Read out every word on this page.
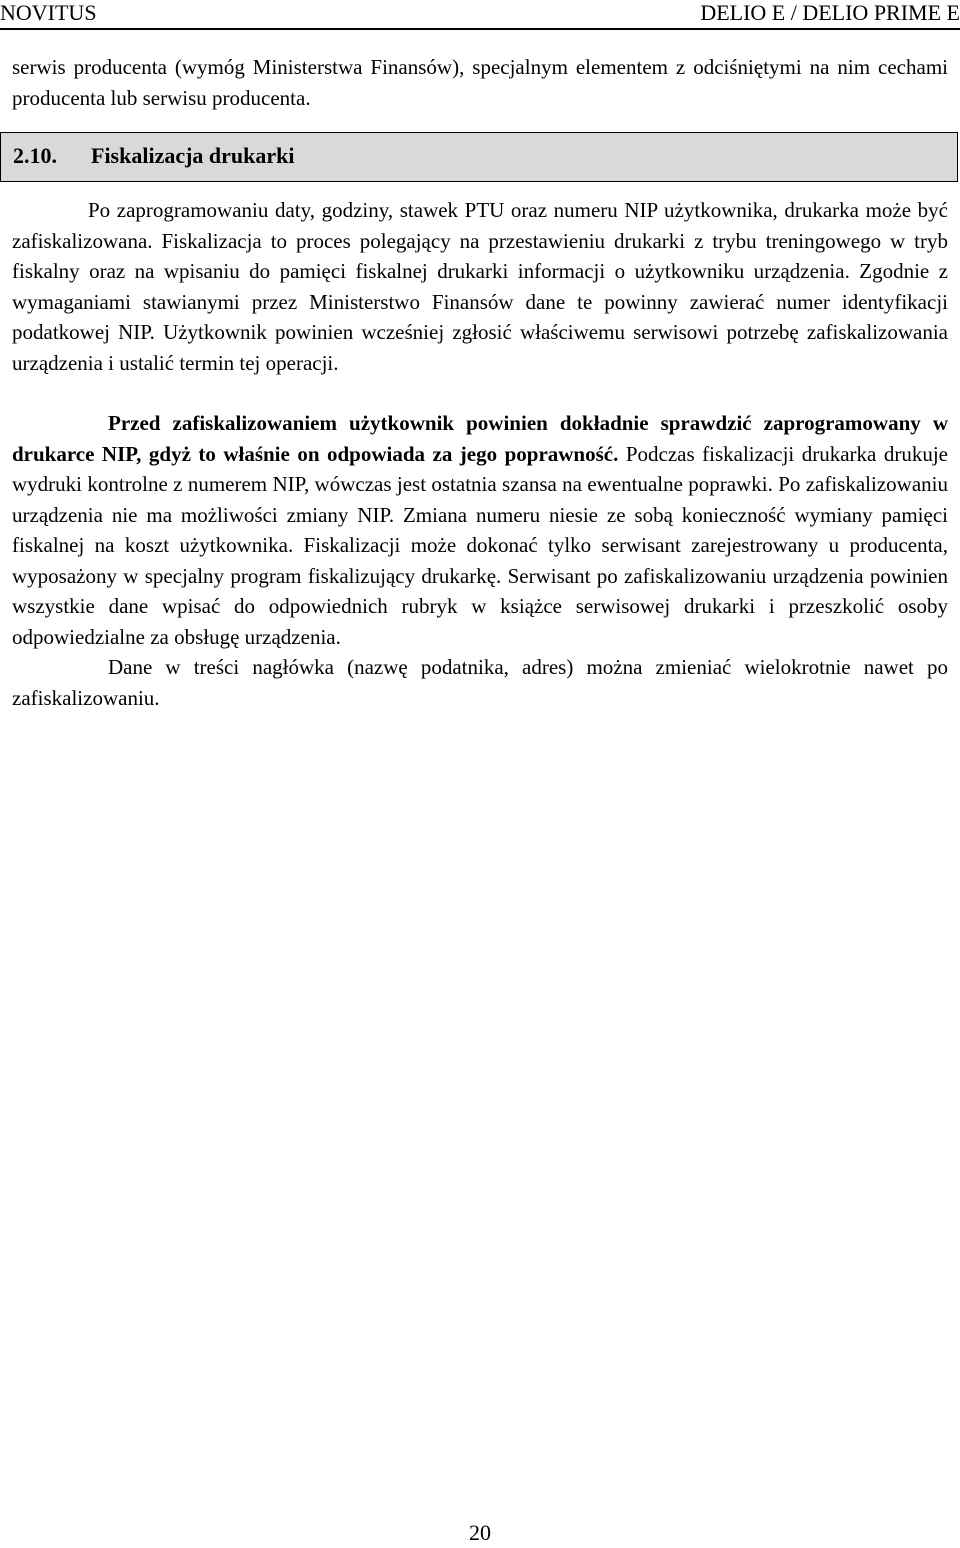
NOVITUS	DELIO E / DELIO PRIME E

serwis producenta (wymóg Ministerstwa Finansów), specjalnym elementem z odciśniętymi na nim cechami producenta lub serwisu producenta.

2.10. Fiskalizacja drukarki

Po zaprogramowaniu daty, godziny, stawek PTU oraz numeru NIP użytkownika, drukarka może być zafiskalizowana. Fiskalizacja to proces polegający na przestawieniu drukarki z trybu treningowego w tryb fiskalny oraz na wpisaniu do pamięci fiskalnej drukarki informacji o użytkowniku urządzenia. Zgodnie z wymaganiami stawianymi przez Ministerstwo Finansów dane te powinny zawierać numer identyfikacji podatkowej NIP. Użytkownik powinien wcześniej zgłosić właściwemu serwisowi potrzebę zafiskalizowania urządzenia i ustalić termin tej operacji.

Przed zafiskalizowaniem użytkownik powinien dokładnie sprawdzić zaprogramowany w drukarce NIP, gdyż to właśnie on odpowiada za jego poprawność. Podczas fiskalizacji drukarka drukuje wydruki kontrolne z numerem NIP, wówczas jest ostatnia szansa na ewentualne poprawki. Po zafiskalizowaniu urządzenia nie ma możliwości zmiany NIP. Zmiana numeru niesie ze sobą konieczność wymiany pamięci fiskalnej na koszt użytkownika. Fiskalizacji może dokonać tylko serwisant zarejestrowany u producenta, wyposażony w specjalny program fiskalizujący drukarkę. Serwisant po zafiskalizowaniu urządzenia powinien wszystkie dane wpisać do odpowiednich rubryk w książce serwisowej drukarki i przeszkolić osoby odpowiedzialne za obsługę urządzenia.

Dane w treści nagłówka (nazwę podatnika, adres) można zmieniać wielokrotnie nawet po zafiskalizowaniu.

20
